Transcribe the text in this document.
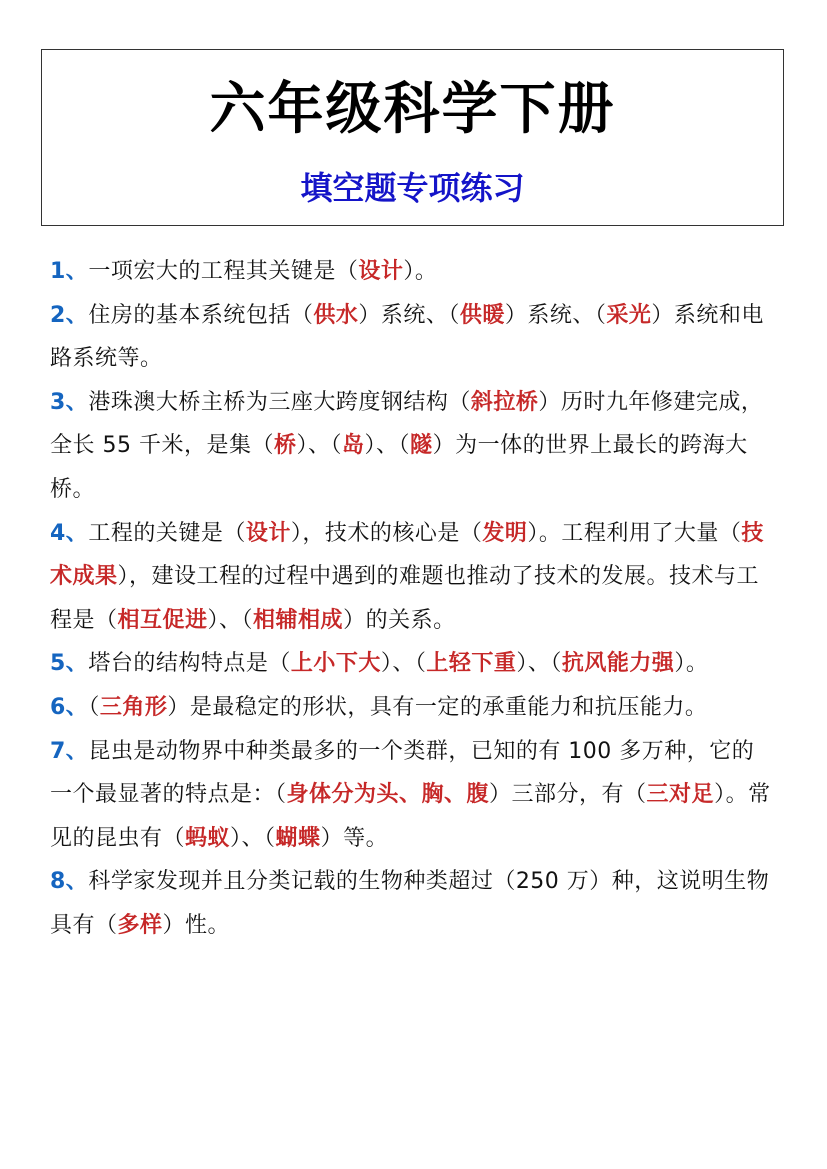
六年级科学下册
填空题专项练习

1、一项宏大的工程其关键是（设计）。

2、住房的基本系统包括（供水）系统、（供暖）系统、（采光）系统和电路系统等。

3、港珠澳大桥主桥为三座大跨度钢结构（斜拉桥）历时九年修建完成，全长 55 千米，是集（桥）、（岛）、（隧）为一体的世界上最长的跨海大桥。

4、工程的关键是（设计），技术的核心是（发明）。工程利用了大量（技术成果），建设工程的过程中遇到的难题也推动了技术的发展。技术与工程是（相互促进）、（相辅相成）的关系。

5、塔台的结构特点是（上小下大）、（上轻下重）、（抗风能力强）。

6、（三角形）是最稳定的形状，具有一定的承重能力和抗压能力。

7、昆虫是动物界中种类最多的一个类群，已知的有 100 多万种，它的一个最显著的特点是：（身体分为头、胸、腹）三部分，有（三对足）。常见的昆虫有（蚂蚁）、（蝴蝶）等。

8、科学家发现并且分类记载的生物种类超过（250 万）种，这说明生物具有（多样）性。
